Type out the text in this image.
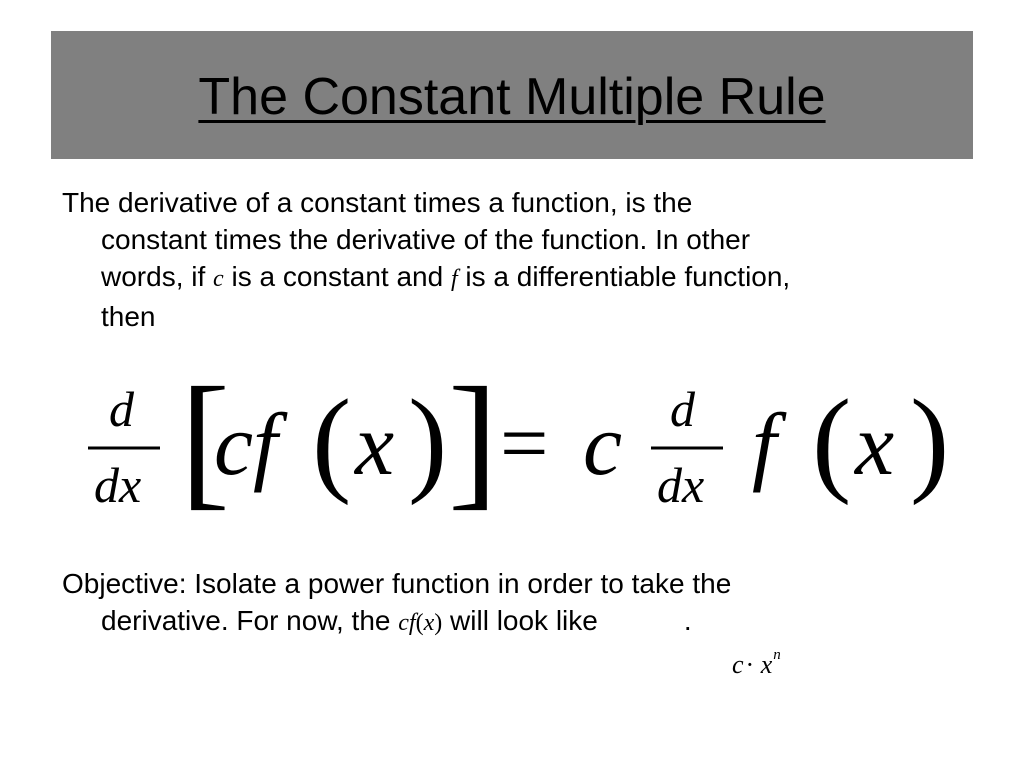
The Constant Multiple Rule
The derivative of a constant times a function, is the
constant times the derivative of the function. In other
words, if c is a constant and f is a differentiable function,
then
d
dx [
cf ( x ) ] = c d
dx f ( x )
Objective: Isolate a power function in order to take the
derivative. For now, the cf(x) will look like	.
$c\cdot x^n$
